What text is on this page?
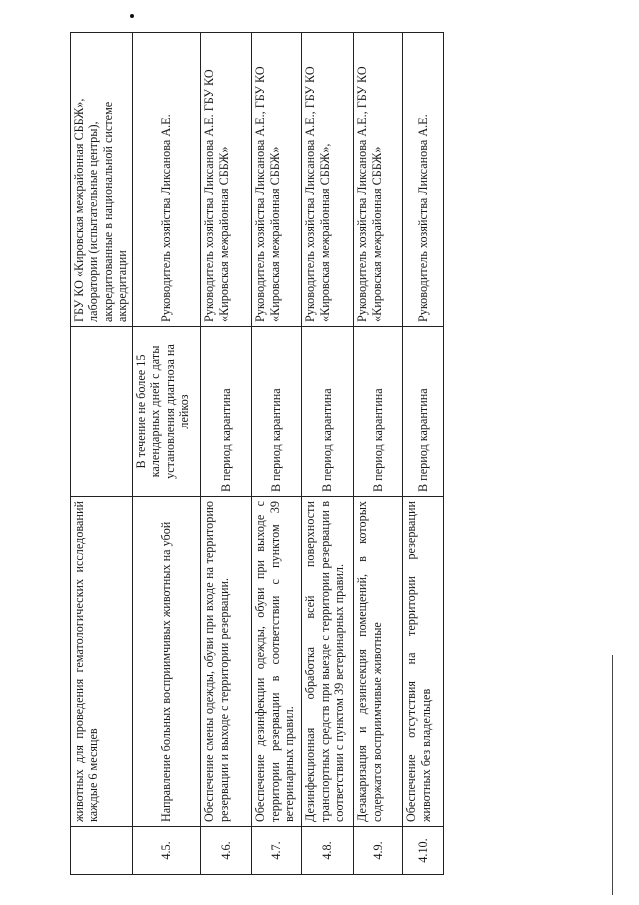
	животных для проведения гематологических исследований каждые 6 месяцев		ГБУ КО «Кировская межрайонная СББЖ», лаборатории (испытательные центры), аккредитованные в национальной системе аккредитации
4.5.	Направление больных восприимчивых животных на убой	В течение не более 15 календарных дней с даты установления диагноза на лейкоз	Руководитель хозяйства Ликсанова А.Е.
4.6.	Обеспечение смены одежды, обуви при входе на территорию резервации и выходе с территории резервации.	В период карантина	Руководитель хозяйства Ликсанова А.Е. ГБУ КО «Кировская межрайонная СББЖ»
4.7.	Обеспечение дезинфекции одежды, обуви при выходе с территории резервации в соответствии с пунктом 39 ветеринарных правил.	В период карантина	Руководитель хозяйства Ликсанова А.Е., ГБУ КО «Кировская межрайонная СББЖ»
4.8.	Дезинфекционная обработка всей поверхности транспортных средств при выезде с территории резервации в соответствии с пунктом 39 ветеринарных правил.	В период карантина	Руководитель хозяйства Ликсанова А.Е., ГБУ КО «Кировская межрайонная СББЖ»,
4.9.	Дезакаризация и дезинсекция помещений, в которых содержатся восприимчивые животные	В период карантина	Руководитель хозяйства Ликсанова А.Е., ГБУ КО «Кировская межрайонная СББЖ»
4.10.	Обеспечение отсутствия на территории резервации животных без владельцев	В период карантина	Руководитель хозяйства Ликсанова А.Е.
